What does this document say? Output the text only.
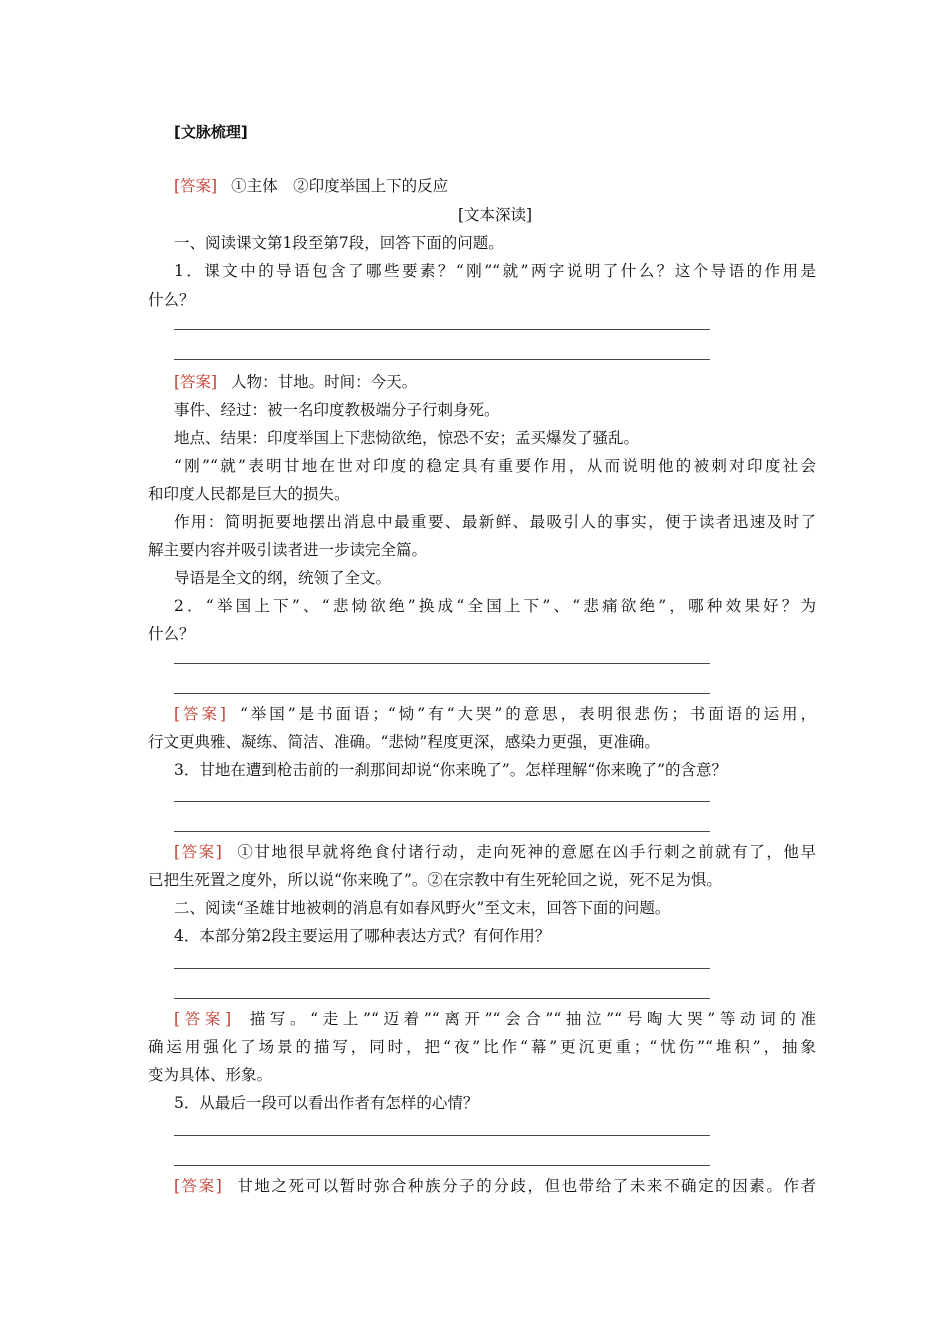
[文脉梳理]
[答案] ①主体　②印度举国上下的反应
[文本深读]
一、阅读课文第1段至第7段，回答下面的问题。
1．课文中的导语包含了哪些要素？“刚”“就”两字说明了什么？这个导语的作用是
什么？
[答案] 人物：甘地。时间：今天。
事件、经过：被一名印度教极端分子行刺身死。
地点、结果：印度举国上下悲恸欲绝，惊恐不安；孟买爆发了骚乱。
“刚”“就”表明甘地在世对印度的稳定具有重要作用，从而说明他的被刺对印度社会
和印度人民都是巨大的损失。
作用：简明扼要地摆出消息中最重要、最新鲜、最吸引人的事实，便于读者迅速及时了
解主要内容并吸引读者进一步读完全篇。
导语是全文的纲，统领了全文。
2．“举国上下”、“悲恸欲绝”换成“全国上下”、“悲痛欲绝”，哪种效果好？为
什么？
[答案] “举国”是书面语；“恸”有“大哭”的意思，表明很悲伤；书面语的运用，
行文更典雅、凝练、简洁、准确。“悲恸”程度更深，感染力更强，更准确。
3．甘地在遭到枪击前的一刹那间却说“你来晚了”。怎样理解“你来晚了”的含意？
[答案] ①甘地很早就将绝食付诸行动，走向死神的意愿在凶手行刺之前就有了，他早
已把生死置之度外，所以说“你来晚了”。②在宗教中有生死轮回之说，死不足为惧。
二、阅读“圣雄甘地被刺的消息有如春风野火”至文末，回答下面的问题。
4．本部分第2段主要运用了哪种表达方式？有何作用？
[答案] 描写。“走上”“迈着”“离开”“会合”“抽泣”“号啕大哭”等动词的准
确运用强化了场景的描写，同时，把“夜”比作“幕”更沉更重；“忧伤”“堆积”，抽象
变为具体、形象。
5．从最后一段可以看出作者有怎样的心情？
[答案] 甘地之死可以暂时弥合种族分子的分歧，但也带给了未来不确定的因素。作者
